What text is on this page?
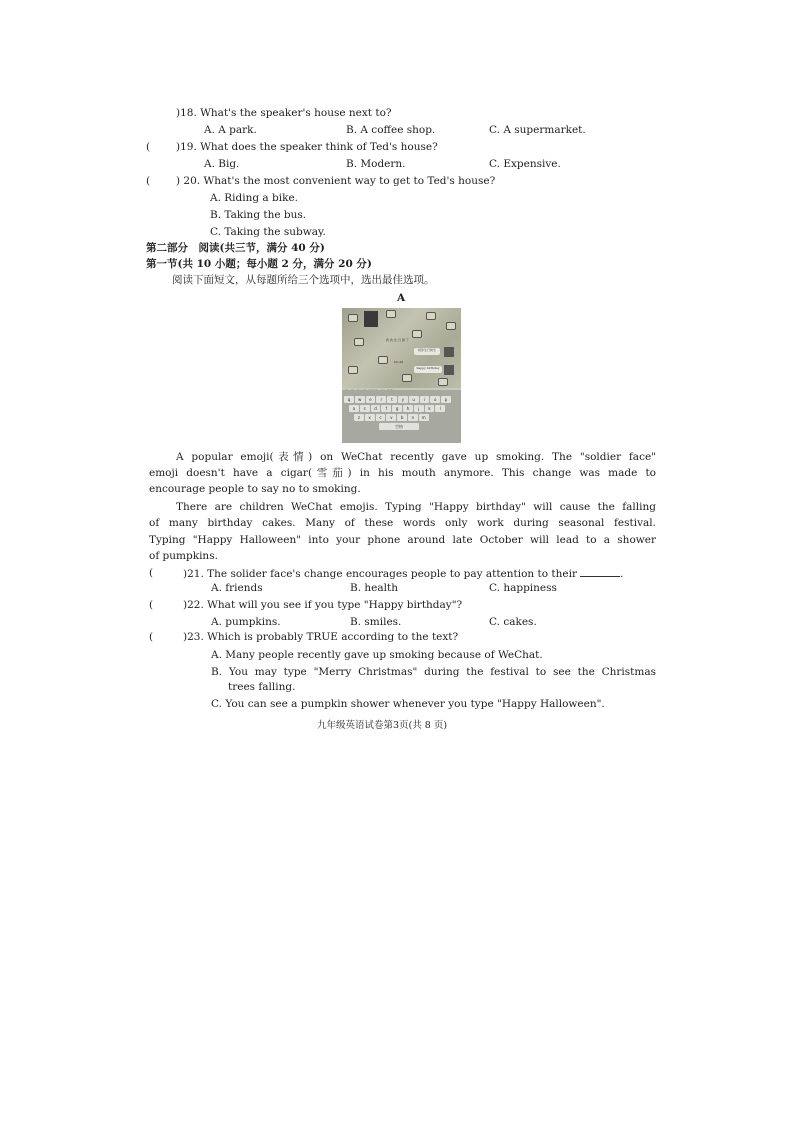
)18. What's the speaker's house next to?
A. A park.	B. A coffee shop.	C. A supermarket.
( )19. What does the speaker think of Ted's house?
A. Big.	B. Modern.	C. Expensive.
( ) 20. What's the most convenient way to get to Ted's house?
A. Riding a bike.
B. Taking the bus.
C. Taking the subway.
第二部分　阅读(共三节，满分 40 分)
第一节(共 10 小题；每小题 2 分，满分 20 分)
阅读下面短文，从每题所给三个选项中，选出最佳选项。
A
我 的 生 日 到 了
祝你生日快乐
No.26
happy birthday
q	w	e	r	t	y	u	i	o	p
a	s	d	f	g	h	j	k	l
z	x	c	v	b	n	m
空格
A popular emoji(表情) on WeChat recently gave up smoking. The "soldier face"
emoji doesn't have a cigar(雪茄) in his mouth anymore. This change was made to
encourage people to say no to smoking.
There are children WeChat emojis. Typing "Happy birthday" will cause the falling
of many birthday cakes. Many of these words only work during seasonal festival.
Typing "Happy Halloween" into your phone around late October will lead to a shower
of pumpkins.
(	)21. The solider face's change encourages people to pay attention to their	.
A. friends	B. health	C. happiness
(	)22. What will you see if you type "Happy birthday"?
A. pumpkins.	B. smiles.	C. cakes.
(	)23. Which is probably TRUE according to the text?
A. Many people recently gave up smoking because of WeChat.
B. You may type "Merry Christmas" during the festival to see the Christmas
trees falling.
C. You can see a pumpkin shower whenever you type "Happy Halloween".
九年级英语试卷第3页(共 8 页)
